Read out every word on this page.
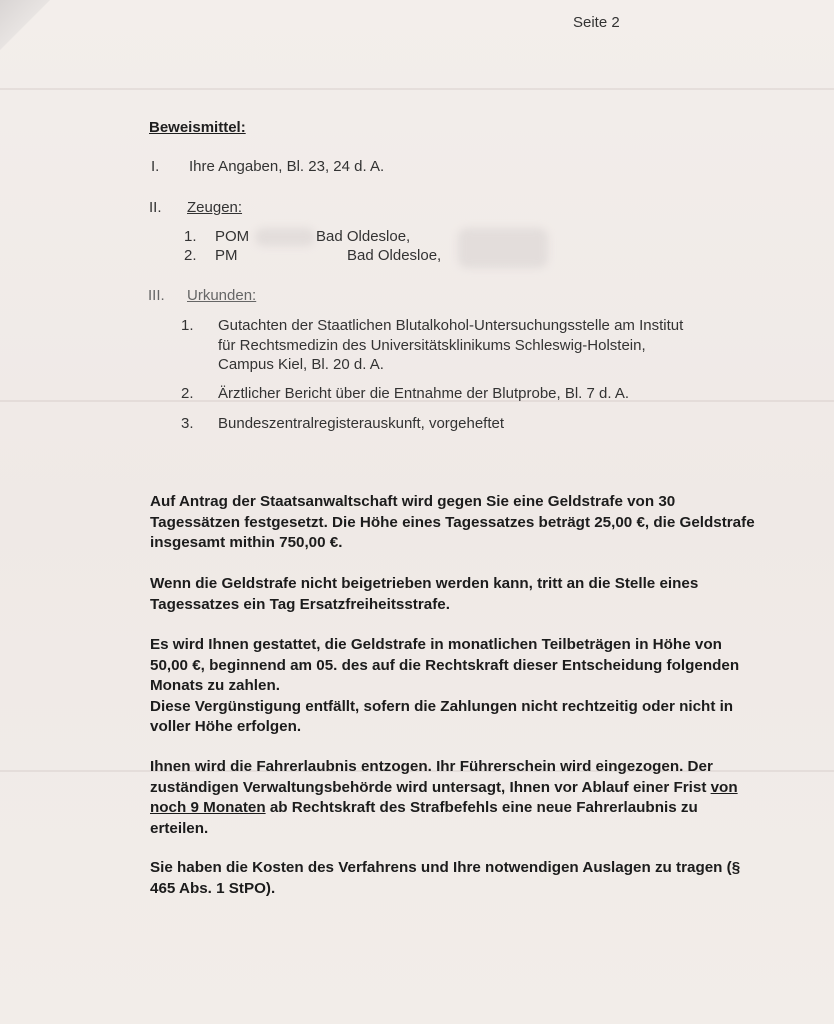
Seite 2
Beweismittel:
I. Ihre Angaben, Bl. 23, 24 d. A.
II. Zeugen:
1. POM	Bad Oldesloe,
2. PM	Bad Oldesloe,
III. Urkunden:
1. Gutachten der Staatlichen Blutalkohol-Untersuchungsstelle am Institut
für Rechtsmedizin des Universitätsklinikums Schleswig-Holstein,
Campus Kiel, Bl. 20 d. A.
2. Ärztlicher Bericht über die Entnahme der Blutprobe, Bl. 7 d. A.
3. Bundeszentralregisterauskunft, vorgeheftet
Auf Antrag der Staatsanwaltschaft wird gegen Sie eine Geldstrafe von 30 Tagessätzen festgesetzt. Die Höhe eines Tagessatzes beträgt 25,00 €, die Geldstrafe insgesamt mithin 750,00 €.
Wenn die Geldstrafe nicht beigetrieben werden kann, tritt an die Stelle eines Tagessatzes ein Tag Ersatzfreiheitsstrafe.
Es wird Ihnen gestattet, die Geldstrafe in monatlichen Teilbeträgen in Höhe von 50,00 €, beginnend am 05. des auf die Rechtskraft dieser Entscheidung folgenden Monats zu zahlen.
Diese Vergünstigung entfällt, sofern die Zahlungen nicht rechtzeitig oder nicht in voller Höhe erfolgen.
Ihnen wird die Fahrerlaubnis entzogen. Ihr Führerschein wird eingezogen. Der zuständigen Verwaltungsbehörde wird untersagt, Ihnen vor Ablauf einer Frist von noch 9 Monaten ab Rechtskraft des Strafbefehls eine neue Fahrerlaubnis zu erteilen.
Sie haben die Kosten des Verfahrens und Ihre notwendigen Auslagen zu tragen (§ 465 Abs. 1 StPO).
